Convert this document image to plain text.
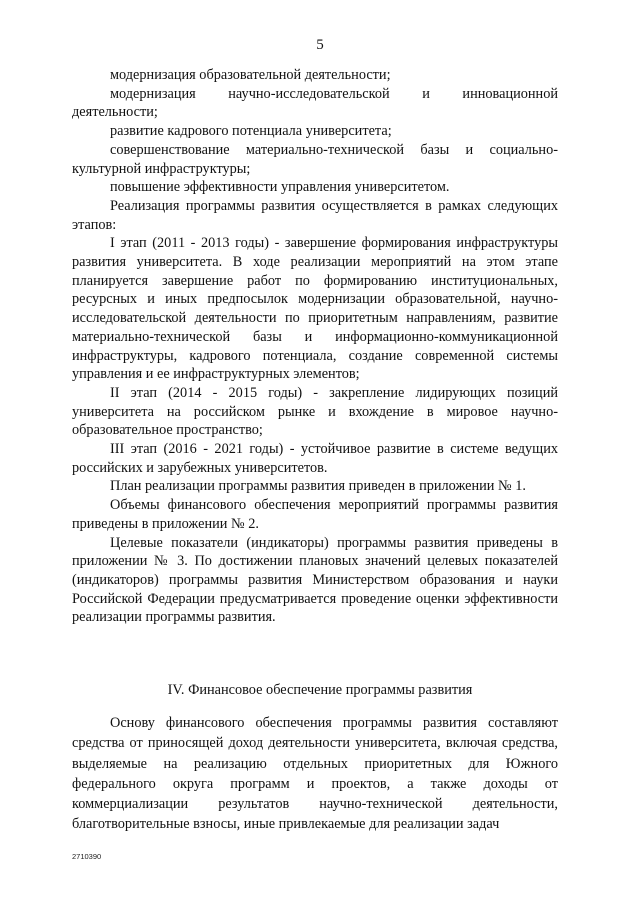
5

модернизация образовательной деятельности;

модернизация научно-исследовательской и инновационной деятельности;

развитие кадрового потенциала университета;

совершенствование материально-технической базы и социально-культурной инфраструктуры;

повышение эффективности управления университетом.

Реализация программы развития осуществляется в рамках следующих этапов:

I этап (2011 - 2013 годы) - завершение формирования инфраструктуры развития университета. В ходе реализации мероприятий на этом этапе планируется завершение работ по формированию институциональных, ресурсных и иных предпосылок модернизации образовательной, научно-исследовательской деятельности по приоритетным направлениям, развитие материально-технической базы и информационно-коммуникационной инфраструктуры, кадрового потенциала, создание современной системы управления и ее инфраструктурных элементов;

II этап (2014 - 2015 годы) - закрепление лидирующих позиций университета на российском рынке и вхождение в мировое научно-образовательное пространство;

III этап (2016 - 2021 годы) - устойчивое развитие в системе ведущих российских и зарубежных университетов.

План реализации программы развития приведен в приложении № 1.

Объемы финансового обеспечения мероприятий программы развития приведены в приложении № 2.

Целевые показатели (индикаторы) программы развития приведены в приложении № 3. По достижении плановых значений целевых показателей (индикаторов) программы развития Министерством образования и науки Российской Федерации предусматривается проведение оценки эффективности реализации программы развития.

IV. Финансовое обеспечение программы развития

Основу финансового обеспечения программы развития составляют средства от приносящей доход деятельности университета, включая средства, выделяемые на реализацию отдельных приоритетных для Южного федерального округа программ и проектов, а также доходы от коммерциализации результатов научно-технической деятельности, благотворительные взносы, иные привлекаемые для реализации задач

2710390
